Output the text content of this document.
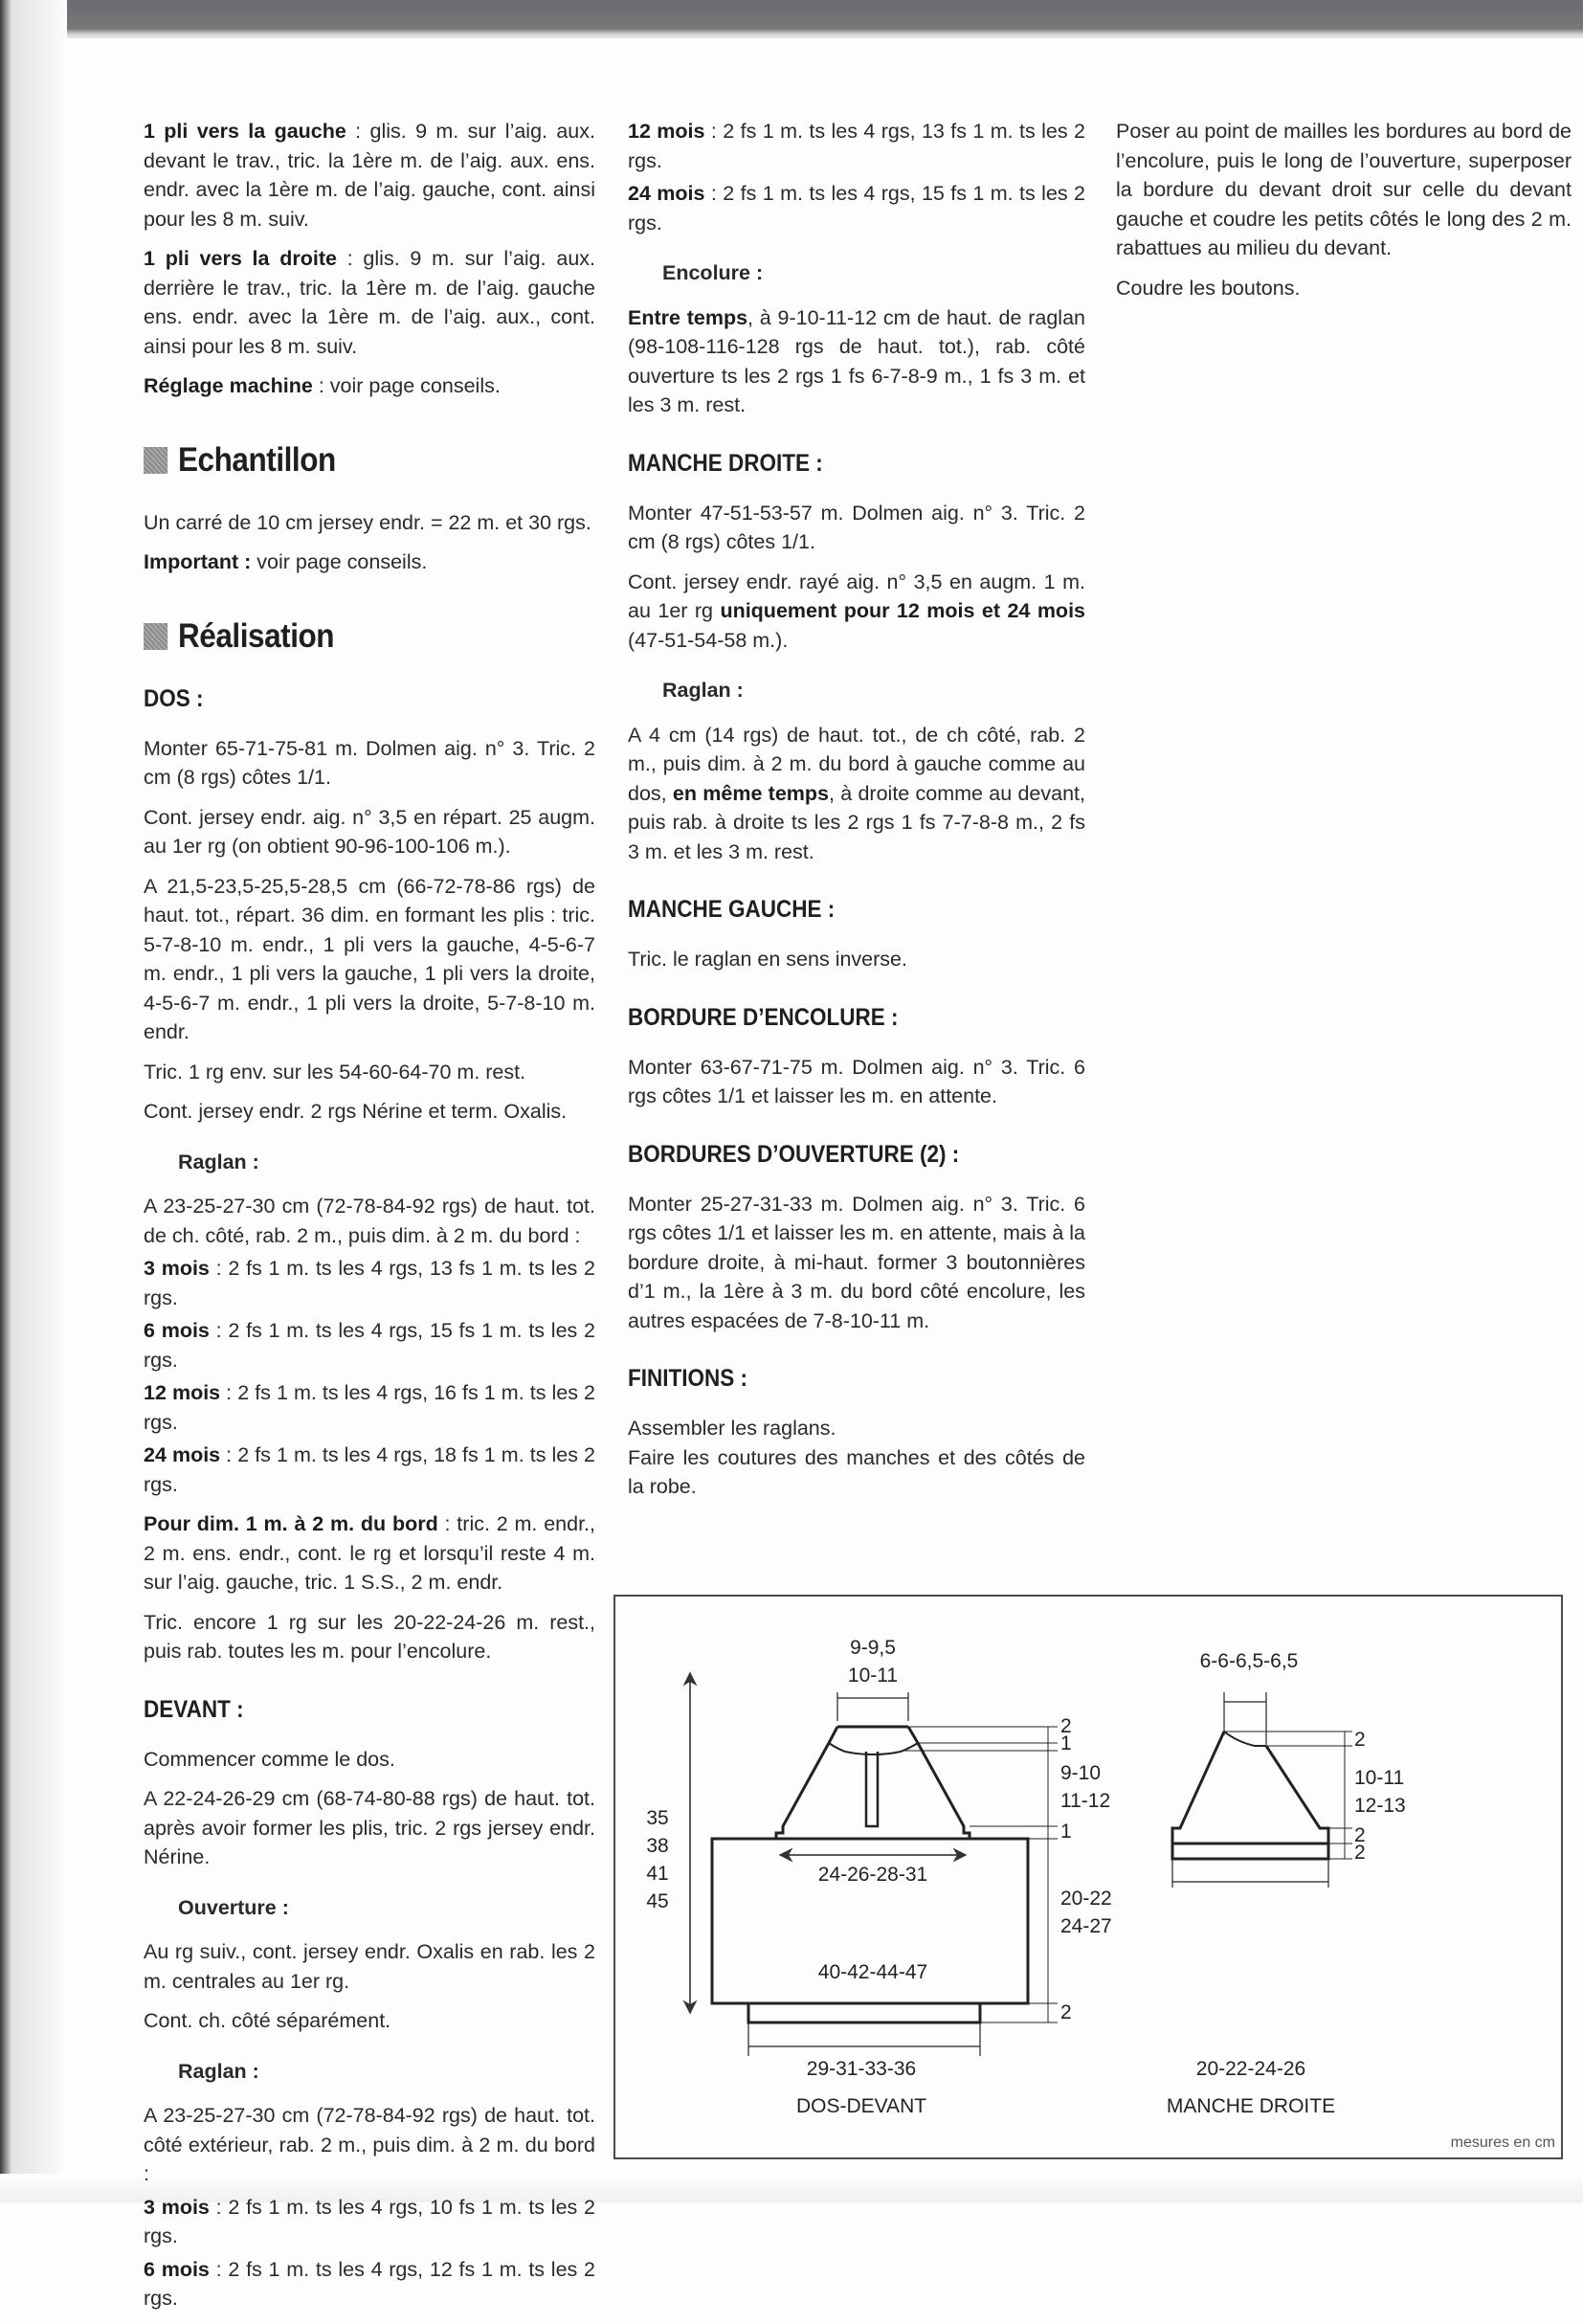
1 pli vers la gauche : glis. 9 m. sur l’aig. aux. devant le trav., tric. la 1ère m. de l’aig. aux. ens. endr. avec la 1ère m. de l’aig. gauche, cont. ainsi pour les 8 m. suiv.

1 pli vers la droite : glis. 9 m. sur l’aig. aux. derrière le trav., tric. la 1ère m. de l’aig. gauche ens. endr. avec la 1ère m. de l’aig. aux., cont. ainsi pour les 8 m. suiv.

Réglage machine : voir page conseils.

Echantillon

Un carré de 10 cm jersey endr. = 22 m. et 30 rgs.

Important : voir page conseils.

Réalisation

DOS :

Monter 65-71-75-81 m. Dolmen aig. n° 3. Tric. 2 cm (8 rgs) côtes 1/1.

Cont. jersey endr. aig. n° 3,5 en répart. 25 augm. au 1er rg (on obtient 90-96-100-106 m.).

A 21,5-23,5-25,5-28,5 cm (66-72-78-86 rgs) de haut. tot., répart. 36 dim. en formant les plis : tric. 5-7-8-10 m. endr., 1 pli vers la gauche, 4-5-6-7 m. endr., 1 pli vers la gauche, 1 pli vers la droite, 4-5-6-7 m. endr., 1 pli vers la droite, 5-7-8-10 m. endr.

Tric. 1 rg env. sur les 54-60-64-70 m. rest.

Cont. jersey endr. 2 rgs Nérine et term. Oxalis.

Raglan :

A 23-25-27-30 cm (72-78-84-92 rgs) de haut. tot. de ch. côté, rab. 2 m., puis dim. à 2 m. du bord :

3 mois : 2 fs 1 m. ts les 4 rgs, 13 fs 1 m. ts les 2 rgs.

6 mois : 2 fs 1 m. ts les 4 rgs, 15 fs 1 m. ts les 2 rgs.

12 mois : 2 fs 1 m. ts les 4 rgs, 16 fs 1 m. ts les 2 rgs.

24 mois : 2 fs 1 m. ts les 4 rgs, 18 fs 1 m. ts les 2 rgs.

Pour dim. 1 m. à 2 m. du bord : tric. 2 m. endr., 2 m. ens. endr., cont. le rg et lorsqu’il reste 4 m. sur l’aig. gauche, tric. 1 S.S., 2 m. endr.

Tric. encore 1 rg sur les 20-22-24-26 m. rest., puis rab. toutes les m. pour l’encolure.

DEVANT :

Commencer comme le dos.

A 22-24-26-29 cm (68-74-80-88 rgs) de haut. tot. après avoir former les plis, tric. 2 rgs jersey endr. Nérine.

Ouverture :

Au rg suiv., cont. jersey endr. Oxalis en rab. les 2 m. centrales au 1er rg.

Cont. ch. côté séparément.

Raglan :

A 23-25-27-30 cm (72-78-84-92 rgs) de haut. tot. côté extérieur, rab. 2 m., puis dim. à 2 m. du bord :

3 mois : 2 fs 1 m. ts les 4 rgs, 10 fs 1 m. ts les 2 rgs.

6 mois : 2 fs 1 m. ts les 4 rgs, 12 fs 1 m. ts les 2 rgs.

12 mois : 2 fs 1 m. ts les 4 rgs, 13 fs 1 m. ts les 2 rgs.

24 mois : 2 fs 1 m. ts les 4 rgs, 15 fs 1 m. ts les 2 rgs.

Encolure :

Entre temps, à 9-10-11-12 cm de haut. de raglan (98-108-116-128 rgs de haut. tot.), rab. côté ouverture ts les 2 rgs 1 fs 6-7-8-9 m., 1 fs 3 m. et les 3 m. rest.

MANCHE DROITE :

Monter 47-51-53-57 m. Dolmen aig. n° 3. Tric. 2 cm (8 rgs) côtes 1/1.

Cont. jersey endr. rayé aig. n° 3,5 en augm. 1 m. au 1er rg uniquement pour 12 mois et 24 mois (47-51-54-58 m.).

Raglan :

A 4 cm (14 rgs) de haut. tot., de ch côté, rab. 2 m., puis dim. à 2 m. du bord à gauche comme au dos, en même temps, à droite comme au devant, puis rab. à droite ts les 2 rgs 1 fs 7-7-8-8 m., 2 fs 3 m. et les 3 m. rest.

MANCHE GAUCHE :

Tric. le raglan en sens inverse.

BORDURE D’ENCOLURE :

Monter 63-67-71-75 m. Dolmen aig. n° 3. Tric. 6 rgs côtes 1/1 et laisser les m. en attente.

BORDURES D’OUVERTURE (2) :

Monter 25-27-31-33 m. Dolmen aig. n° 3. Tric. 6 rgs côtes 1/1 et laisser les m. en attente, mais à la bordure droite, à mi-haut. former 3 boutonnières d’1 m., la 1ère à 3 m. du bord côté encolure, les autres espacées de 7-8-10-11 m.

FINITIONS :

Assembler les raglans.

Faire les coutures des manches et des côtés de la robe.

Poser au point de mailles les bordures au bord de l’encolure, puis le long de l’ouverture, superposer la bordure du devant droit sur celle du devant gauche et coudre les petits côtés le long des 2 m. rabattues au milieu du devant.

Coudre les boutons.

9-9,5
10-11
24-26-28-31
40-42-44-47
29-31-33-36
DOS-DEVANT
35
38
41
45
2
1
9-10
11-12
1
20-22
24-27
2
6-6-6,5-6,5
20-22-24-26
MANCHE DROITE
2
10-11
12-13
2
2
mesures en cm
